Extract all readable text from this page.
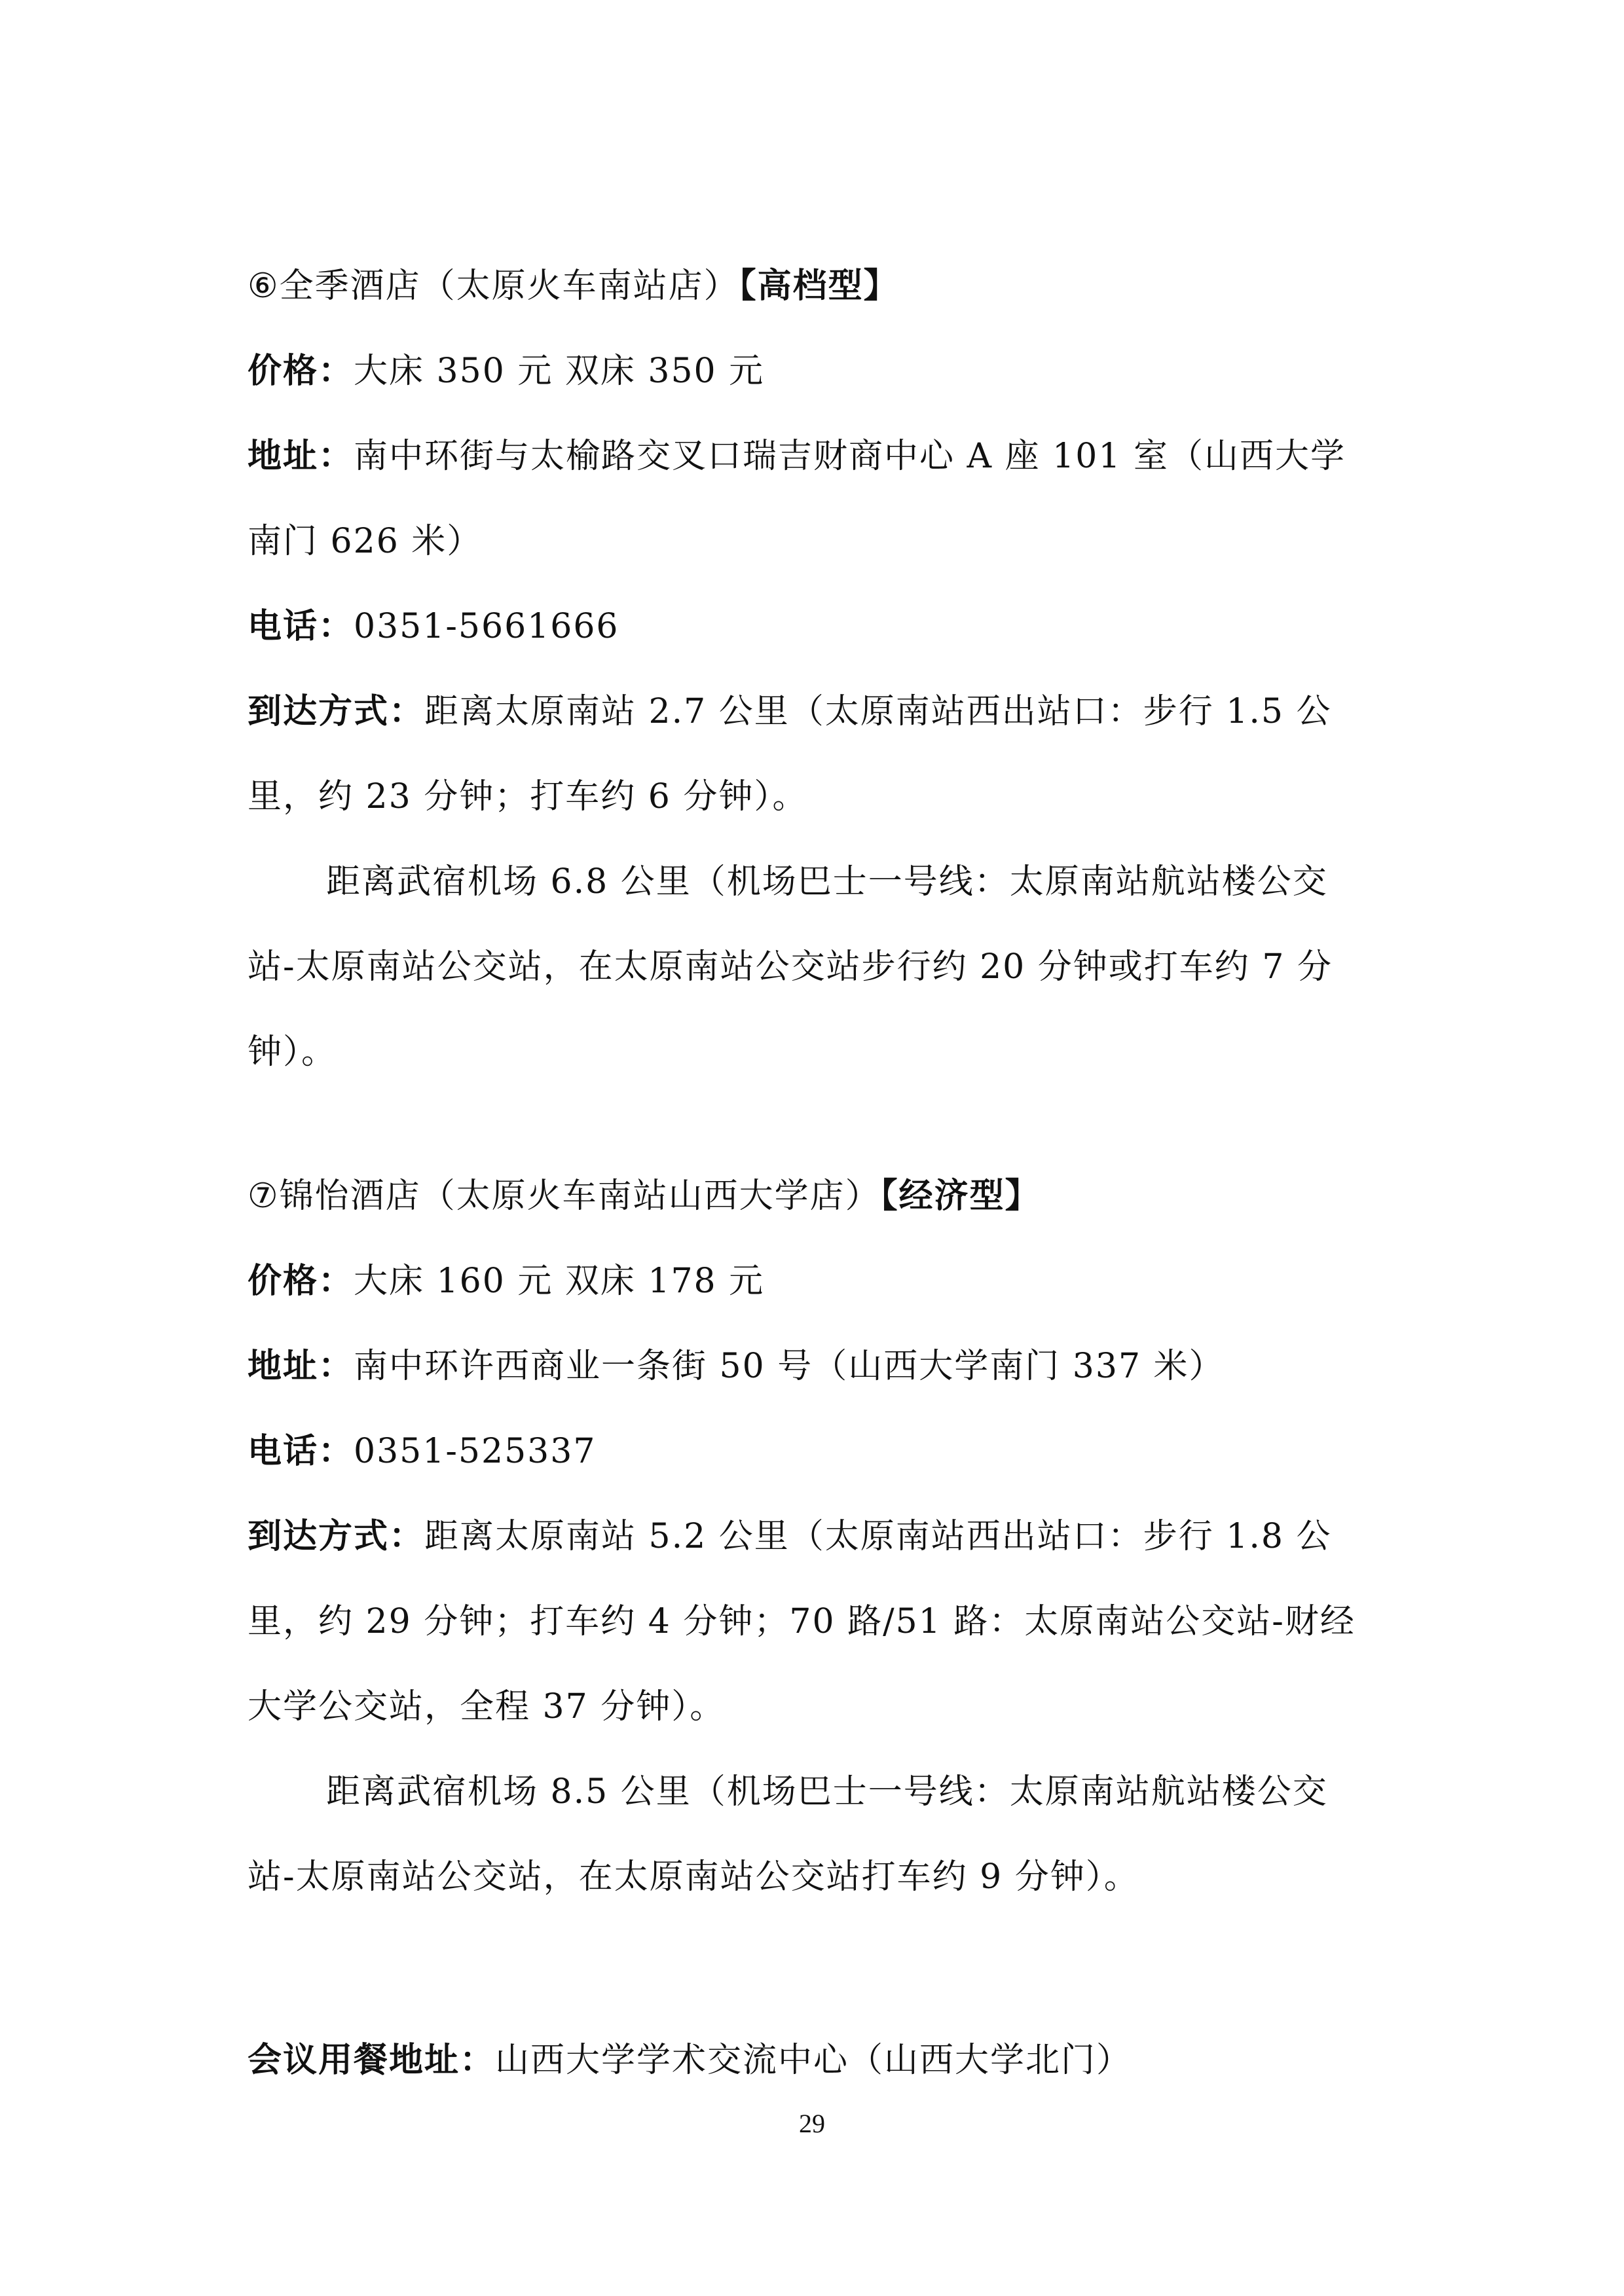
⑥全季酒店（太原火车南站店）【高档型】
价格：大床 350 元 双床 350 元
地址：南中环街与太榆路交叉口瑞吉财商中心 A 座 101 室（山西大学
南门 626 米）
电话：0351-5661666
到达方式：距离太原南站 2.7 公里（太原南站西出站口：步行 1.5 公
里，约 23 分钟；打车约 6 分钟）。
距离武宿机场 6.8 公里（机场巴士一号线：太原南站航站楼公交
站-太原南站公交站，在太原南站公交站步行约 20 分钟或打车约 7 分
钟）。
⑦锦怡酒店（太原火车南站山西大学店）【经济型】
价格：大床 160 元 双床 178 元
地址：南中环许西商业一条街 50 号（山西大学南门 337 米）
电话：0351-525337
到达方式：距离太原南站 5.2 公里（太原南站西出站口：步行 1.8 公
里，约 29 分钟；打车约 4 分钟；70 路/51 路：太原南站公交站-财经
大学公交站，全程 37 分钟）。
距离武宿机场 8.5 公里（机场巴士一号线：太原南站航站楼公交
站-太原南站公交站，在太原南站公交站打车约 9 分钟）。
会议用餐地址：山西大学学术交流中心（山西大学北门）
29
